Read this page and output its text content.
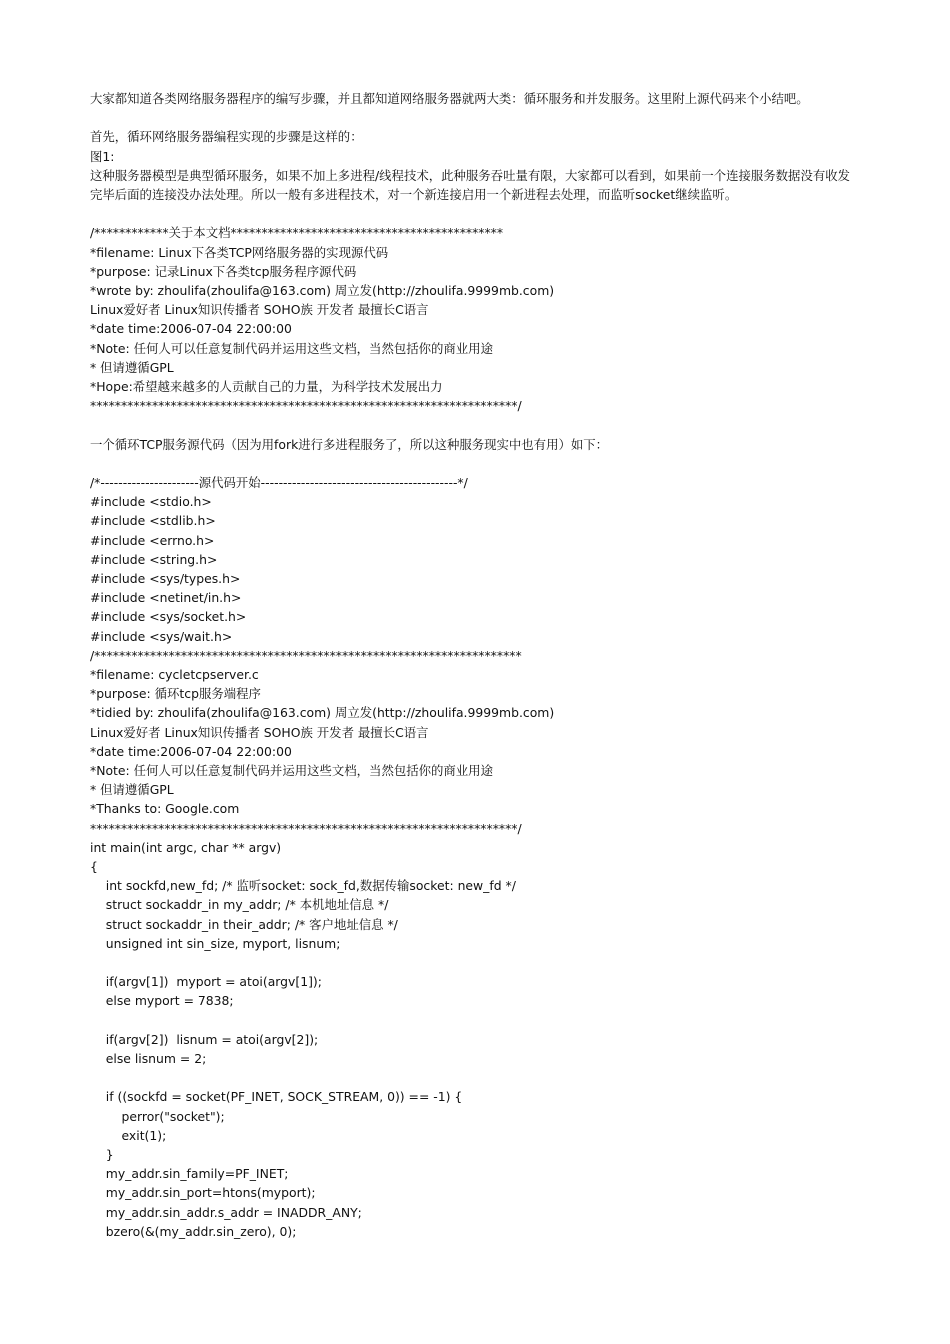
大家都知道各类网络服务器程序的编写步骤，并且都知道网络服务器就两大类：循环服务和并发服务。这里附上源代码来个小结吧。
首先，循环网络服务器编程实现的步骤是这样的：
图1:
这种服务器模型是典型循环服务，如果不加上多进程/线程技术，此种服务吞吐量有限，大家都可以看到，如果前一个连接服务数据没有收发完毕后面的连接没办法处理。所以一般有多进程技术，对一个新连接启用一个新进程去处理，而监听socket继续监听。
/************关于本文档********************************************
*filename: Linux下各类TCP网络服务器的实现源代码
*purpose: 记录Linux下各类tcp服务程序源代码
*wrote by: zhoulifa(zhoulifa@163.com) 周立发(http://zhoulifa.9999mb.com)
Linux爱好者 Linux知识传播者 SOHO族 开发者 最擅长C语言
*date time:2006-07-04 22:00:00
*Note: 任何人可以任意复制代码并运用这些文档，当然包括你的商业用途
* 但请遵循GPL
*Hope:希望越来越多的人贡献自己的力量，为科学技术发展出力
*********************************************************************/
一个循环TCP服务源代码（因为用fork进行多进程服务了，所以这种服务现实中也有用）如下：
/*----------------------源代码开始--------------------------------------------*/
#include <stdio.h>
#include <stdlib.h>
#include <errno.h>
#include <string.h>
#include <sys/types.h>
#include <netinet/in.h>
#include <sys/socket.h>
#include <sys/wait.h>
/*********************************************************************
*filename: cycletcpserver.c
*purpose: 循环tcp服务端程序
*tidied by: zhoulifa(zhoulifa@163.com) 周立发(http://zhoulifa.9999mb.com)
Linux爱好者 Linux知识传播者 SOHO族 开发者 最擅长C语言
*date time:2006-07-04 22:00:00
*Note: 任何人可以任意复制代码并运用这些文档，当然包括你的商业用途
* 但请遵循GPL
*Thanks to: Google.com
*********************************************************************/
int main(int argc, char ** argv)
{
int sockfd,new_fd; /* 监听socket: sock_fd,数据传输socket: new_fd */
struct sockaddr_in my_addr; /* 本机地址信息 */
struct sockaddr_in their_addr; /* 客户地址信息 */
unsigned int sin_size, myport, lisnum;
if(argv[1])  myport = atoi(argv[1]);
else myport = 7838;
if(argv[2])  lisnum = atoi(argv[2]);
else lisnum = 2;
if ((sockfd = socket(PF_INET, SOCK_STREAM, 0)) == -1) {
perror("socket");
exit(1);
}
my_addr.sin_family=PF_INET;
my_addr.sin_port=htons(myport);
my_addr.sin_addr.s_addr = INADDR_ANY;
bzero(&(my_addr.sin_zero), 0);
